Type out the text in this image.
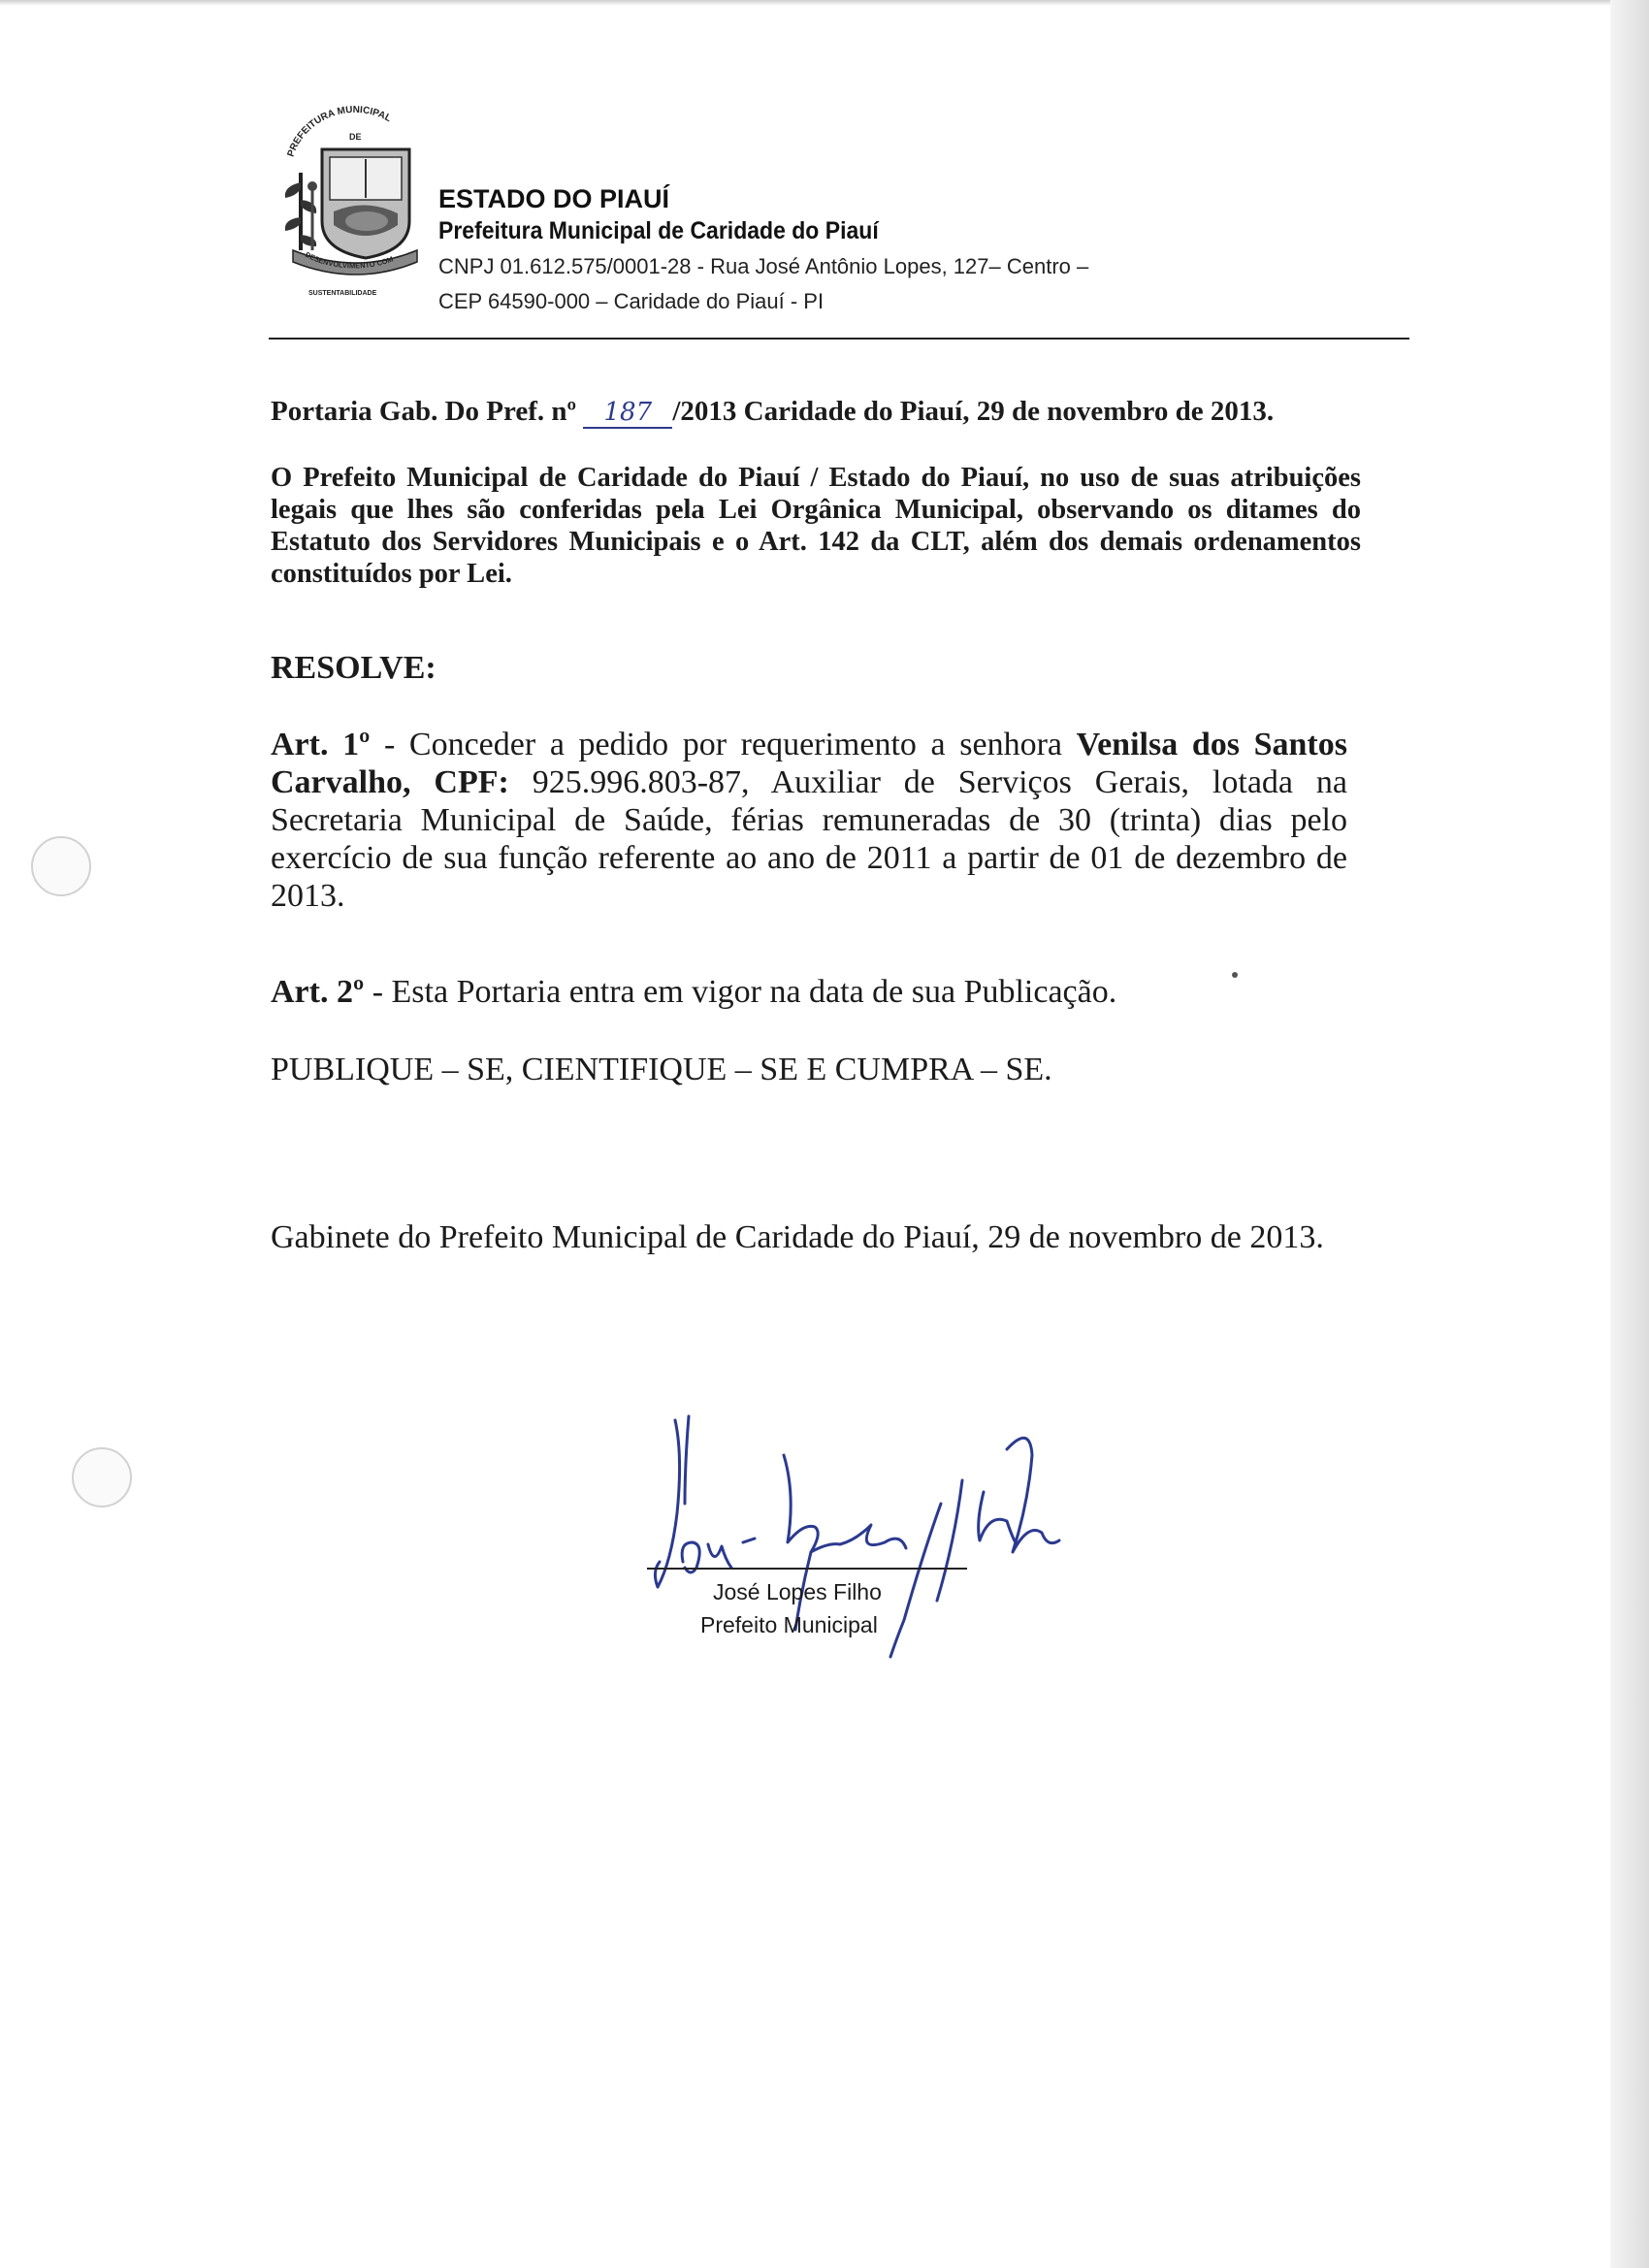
PREFEITURA MUNICIPAL
DE
DESENVOLVIMENTO COM
SUSTENTABILIDADE
ESTADO DO PIAUÍ
Prefeitura Municipal de Caridade do Piauí
CNPJ 01.612.575/0001-28 - Rua José Antônio Lopes, 127– Centro –
CEP 64590-000 – Caridade do Piauí - PI
Portaria Gab. Do Pref. nº 187 /2013 Caridade do Piauí, 29 de novembro de 2013.
O Prefeito Municipal de Caridade do Piauí / Estado do Piauí, no uso de suas atribuições legais que lhes são conferidas pela Lei Orgânica Municipal, observando os ditames do Estatuto dos Servidores Municipais e o Art. 142 da CLT, além dos demais ordenamentos constituídos por Lei.
RESOLVE:
Art. 1º - Conceder a pedido por requerimento a senhora Venilsa dos Santos Carvalho, CPF: 925.996.803-87, Auxiliar de Serviços Gerais, lotada na Secretaria Municipal de Saúde, férias remuneradas de 30 (trinta) dias pelo exercício de sua função referente ao ano de 2011 a partir de 01 de dezembro de 2013.
Art. 2º - Esta Portaria entra em vigor na data de sua Publicação.
PUBLIQUE – SE, CIENTIFIQUE – SE E CUMPRA – SE.
Gabinete do Prefeito Municipal de Caridade do Piauí, 29 de novembro de 2013.
José Lopes Filho
Prefeito Municipal
